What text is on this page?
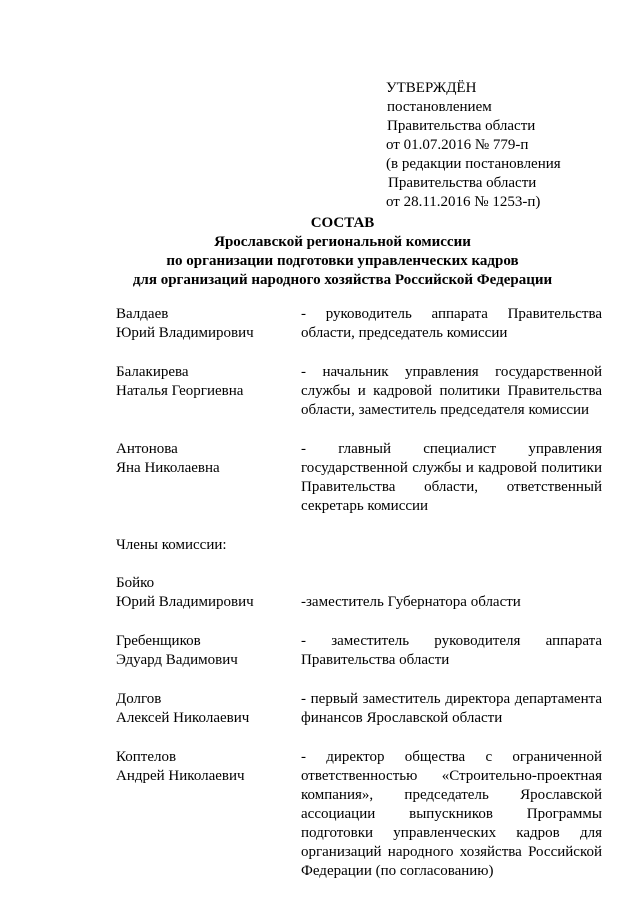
УТВЕРЖДЁН
постановлением
Правительства области
от 01.07.2016 № 779-п
(в редакции постановления
Правительства области
от 28.11.2016 № 1253-п)
СОСТАВ
Ярославской региональной комиссии
по организации подготовки управленческих кадров
для организаций народного хозяйства Российской Федерации
Валдаев
Юрий Владимирович
- руководитель аппарата Правительства области, председатель комиссии
Балакирева
Наталья Георгиевна
- начальник управления государственной службы и кадровой политики Правительства области, заместитель председателя комиссии
Антонова
Яна Николаевна
- главный специалист управления государственной службы и кадровой политики Правительства области, ответственный секретарь комиссии
Члены комиссии:
Бойко
Юрий Владимирович	-заместитель Губернатора области
Гребенщиков
Эдуард Вадимович
- заместитель руководителя аппарата Правительства области
Долгов
Алексей Николаевич
- первый заместитель директора департамента финансов Ярославской области
Коптелов
Андрей Николаевич
- директор общества с ограниченной ответственностью «Строительно-проектная компания», председатель Ярославской ассоциации выпускников Программы подготовки управленческих кадров для организаций народного хозяйства Российской Федерации (по согласованию)
